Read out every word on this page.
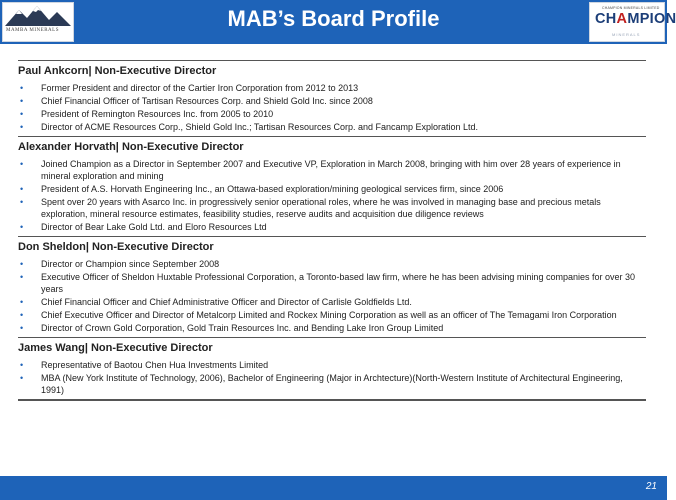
MAMBA MINERALS	MAB’s Board Profile	CHAMPION MINERALS LIMITED
CHAMPION
MINERALS
Paul Ankcorn| Non-Executive Director
• Former President and director of the Cartier Iron Corporation from 2012 to 2013
• Chief Financial Officer of Tartisan Resources Corp. and Shield Gold Inc. since 2008
• President of Remington Resources Inc. from 2005 to 2010
• Director of ACME Resources Corp., Shield Gold Inc.; Tartisan Resources Corp. and Fancamp Exploration Ltd.
Alexander Horvath| Non-Executive Director
• Joined Champion as a Director in September 2007 and Executive VP, Exploration in March 2008, bringing with him over 28 years of experience in mineral exploration and mining
• President of A.S. Horvath Engineering Inc., an Ottawa-based exploration/mining geological services firm, since 2006
• Spent over 20 years with Asarco Inc. in progressively senior operational roles, where he was involved in managing base and precious metals exploration, mineral resource estimates, feasibility studies, reserve audits and acquisition due diligence reviews
• Director of Bear Lake Gold Ltd. and Eloro Resources Ltd
Don Sheldon| Non-Executive Director
• Director or Champion since September 2008
• Executive Officer of Sheldon Huxtable Professional Corporation, a Toronto-based law firm, where he has been advising mining companies for over 30 years
• Chief Financial Officer and Chief Administrative Officer and Director of Carlisle Goldfields Ltd.
• Chief Executive Officer and Director of Metalcorp Limited and Rockex Mining Corporation as well as an officer of The Temagami Iron Corporation
• Director of Crown Gold Corporation, Gold Train Resources Inc. and Bending Lake Iron Group Limited
James Wang| Non-Executive Director
• Representative of Baotou Chen Hua Investments Limited
• MBA (New York Institute of Technology, 2006), Bachelor of Engineering (Major in Archtecture)(North-Western Institute of Architectural Engineering, 1991)
21
